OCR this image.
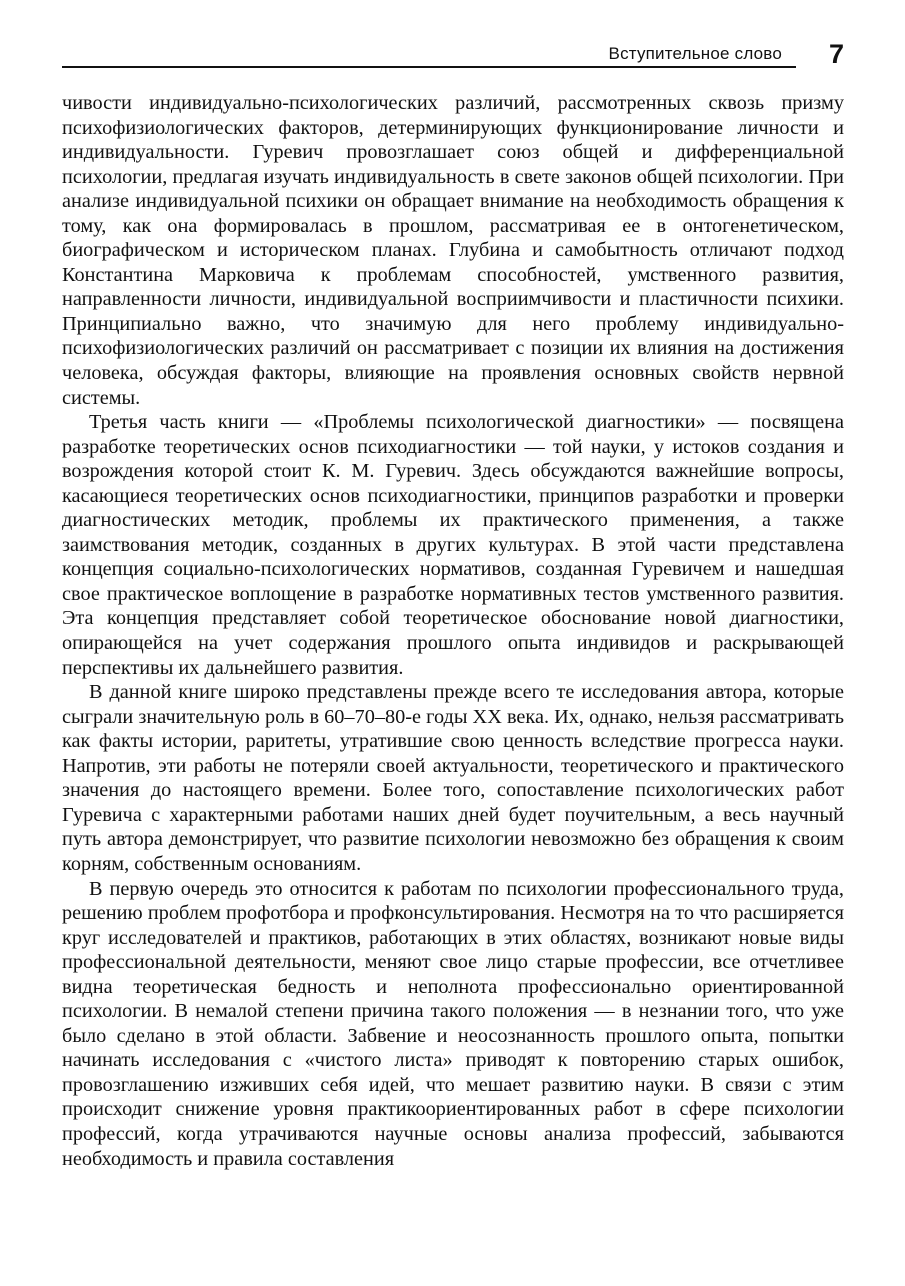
Вступительное слово 7

чивости индивидуально-психологических различий, рассмотренных сквозь призму психофизиологических факторов, детерминирующих функционирование личности и индивидуальности. Гуревич провозглашает союз общей и дифференциальной психологии, предлагая изучать индивидуальность в свете законов общей психологии. При анализе индивидуальной психики он обращает внимание на необходимость обращения к тому, как она формировалась в прошлом, рассматривая ее в онтогенетическом, биографическом и историческом планах. Глубина и самобытность отличают подход Константина Марковича к проблемам способностей, умственного развития, направленности личности, индивидуальной восприимчивости и пластичности психики. Принципиально важно, что значимую для него проблему индивидуально-психофизиологических различий он рассматривает с позиции их влияния на достижения человека, обсуждая факторы, влияющие на проявления основных свойств нервной системы.

Третья часть книги — «Проблемы психологической диагностики» — посвящена разработке теоретических основ психодиагностики — той науки, у истоков создания и возрождения которой стоит К. М. Гуревич. Здесь обсуждаются важнейшие вопросы, касающиеся теоретических основ психодиагностики, принципов разработки и проверки диагностических методик, проблемы их практического применения, а также заимствования методик, созданных в других культурах. В этой части представлена концепция социально-психологических нормативов, созданная Гуревичем и нашедшая свое практическое воплощение в разработке нормативных тестов умственного развития. Эта концепция представляет собой теоретическое обоснование новой диагностики, опирающейся на учет содержания прошлого опыта индивидов и раскрывающей перспективы их дальнейшего развития.

В данной книге широко представлены прежде всего те исследования автора, которые сыграли значительную роль в 60–70–80-е годы XX века. Их, однако, нельзя рассматривать как факты истории, раритеты, утратившие свою ценность вследствие прогресса науки. Напротив, эти работы не потеряли своей актуальности, теоретического и практического значения до настоящего времени. Более того, сопоставление психологических работ Гуревича с характерными работами наших дней будет поучительным, а весь научный путь автора демонстрирует, что развитие психологии невозможно без обращения к своим корням, собственным основаниям.

В первую очередь это относится к работам по психологии профессионального труда, решению проблем профотбора и профконсультирования. Несмотря на то что расширяется круг исследователей и практиков, работающих в этих областях, возникают новые виды профессиональной деятельности, меняют свое лицо старые профессии, все отчетливее видна теоретическая бедность и неполнота профессионально ориентированной психологии. В немалой степени причина такого положения — в незнании того, что уже было сделано в этой области. Забвение и неосознанность прошлого опыта, попытки начинать исследования с «чистого листа» приводят к повторению старых ошибок, провозглашению изживших себя идей, что мешает развитию науки. В связи с этим происходит снижение уровня практикоориентированных работ в сфере психологии профессий, когда утрачиваются научные основы анализа профессий, забываются необходимость и правила составления
